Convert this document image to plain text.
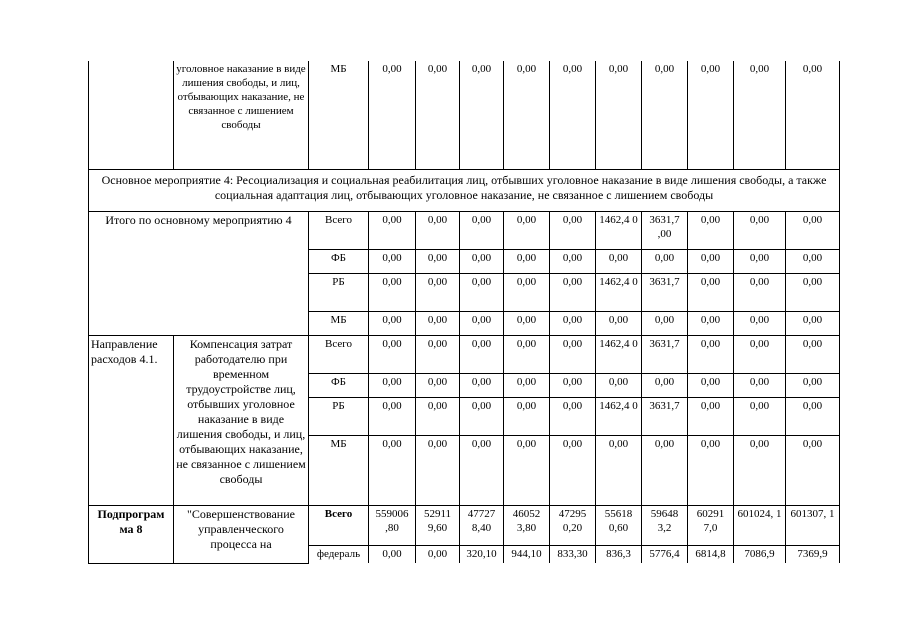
	уголовное наказание в виде лишения свободы, и лиц, отбывающих наказание, не связанное с лишением свободы	МБ	0,00	0,00	0,00	0,00	0,00	0,00	0,00	0,00	0,00	0,00
Основное мероприятие 4: Ресоциализация и социальная реабилитация лиц, отбывших уголовное наказание в виде лишения свободы, а также социальная адаптация лиц, отбывающих уголовное наказание, не связанное с лишением свободы												
Итого по основному мероприятию 4		Всего	0,00	0,00	0,00	0,00	0,00	1462,4 0	3631,7 ,00	0,00	0,00	0,00
		ФБ	0,00	0,00	0,00	0,00	0,00	0,00	0,00	0,00	0,00	0,00
		РБ	0,00	0,00	0,00	0,00	0,00	1462,4 0	3631,7	0,00	0,00	0,00
		МБ	0,00	0,00	0,00	0,00	0,00	0,00	0,00	0,00	0,00	0,00
Направление расходов 4.1.	Компенсация затрат работодателю при временном трудоустройстве лиц, отбывших уголовное наказание в виде лишения свободы, и лиц, отбывающих наказание, не связанное с лишением свободы	Всего	0,00	0,00	0,00	0,00	0,00	1462,4 0	3631,7	0,00	0,00	0,00
		ФБ	0,00	0,00	0,00	0,00	0,00	0,00	0,00	0,00	0,00	0,00
		РБ	0,00	0,00	0,00	0,00	0,00	1462,4 0	3631,7	0,00	0,00	0,00
		МБ	0,00	0,00	0,00	0,00	0,00	0,00	0,00	0,00	0,00	0,00
Подпрограм ма 8	"Совершенствование управленческого процесса на	Всего	559006 ,80	52911 9,60	47727 8,40	46052 3,80	47295 0,20	55618 0,60	59648 3,2	60291 7,0	601024, 1	601307, 1
		федераль	0,00	0,00	320,10	944,10	833,30	836,3	5776,4	6814,8	7086,9	7369,9
